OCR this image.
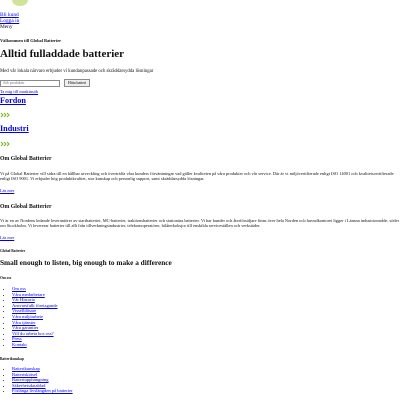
Bli kund
Logga in
Meny
Välkommen till Global Batterier
Alltid fulladdade batterier
Med vår lokala närvaro erbjuder vi kundanpassade och skräddarsydda lösningar
Sök produkter
Hitta batteri
Ta mig till maskinsök
Fordon
Industri
Om Global Batterier
Vi på Global Batterier vill sidra till en hållbar utveckling och överträffa våra kunders förväntningar vad gäller kvaliteten på våra produkter och vår service. Där är vi miljöcertifierade enligt ISO 14001 och kvalitetscertifierade enligt ISO 9001. Vi erbjuder hög produktkvalitet, stor kunskap och personlig support, samt skräddarsydda lösningar.
Läs mer
Om Global Batterier
Vi är en av Nordens ledande leverantörer av startbatterier, MC-batterier, traktionsbatterier och stationära batterier. Vi har kunder och återförsäljare finns över hela Norden och huvudkontoret ligger i Länsna industriområde, söder om Stockholm. Vi levererar batterier till allt från tillverkningsindustrier, telekomoperatörer, bilåterkoksjor till enskilda serviceställen och verkstäder.
Läs mer
Global Batterier
Small enough to listen, big enough to make a difference
Om oss
• Om oss
• Våra medarbetare
• Vår Historia
• Ansvarsfullt företagande
• Visselblåsare
• Våra miljöarbete
• Våra tjänster
• Våra garantier
• Vill du arbeta hos oss?
• Press
• Kontakt
Batterikunskap
• Batterikunskap
• Batteriskötsel
• Batteriupphängning
• Säkerhetsdatablad
• Förlänga livslängden på batterier
